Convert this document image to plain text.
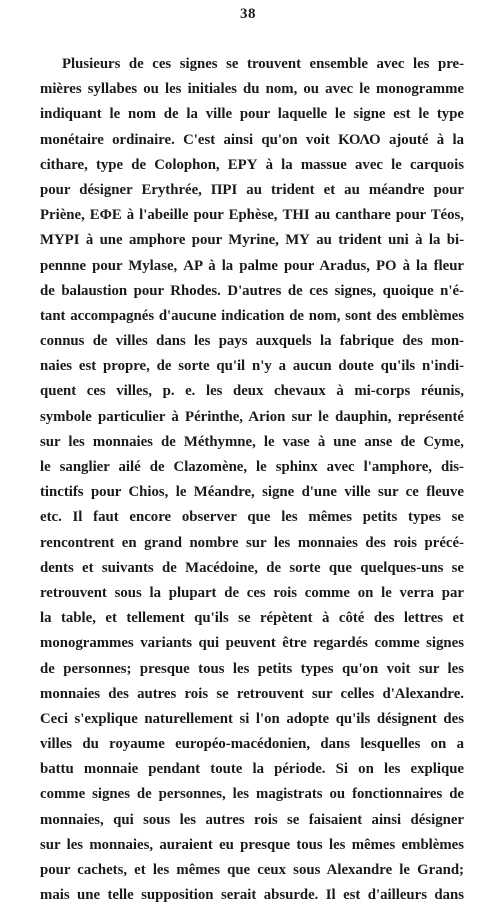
38
Plusieurs de ces signes se trouvent ensemble avec les pre-
mières syllabes ou les initiales du nom, ou avec le monogramme
indiquant le nom de la ville pour laquelle le signe est le type
monétaire ordinaire. C'est ainsi qu'on voit ΚΟΛΟ ajouté à la
cithare, type de Colophon, ΕΡΥ à la massue avec le carquois
pour désigner Erythrée, ΠΡΙ au trident et au méandre pour
Priène, ΕΦΕ à l'abeille pour Ephèse, ΤΗΙ au canthare pour Téos,
ΜΥΡΙ à une amphore pour Myrine, ΜΥ au trident uni à la bi-
pennne pour Mylase, ΑΡ à la palme pour Aradus, ΡΟ à la fleur
de balaustion pour Rhodes. D'autres de ces signes, quoique n'é-
tant accompagnés d'aucune indication de nom, sont des emblèmes
connus de villes dans les pays auxquels la fabrique des mon-
naies est propre, de sorte qu'il n'y a aucun doute qu'ils n'indi-
quent ces villes, p. e. les deux chevaux à mi-corps réunis,
symbole particulier à Périnthe, Arion sur le dauphin, représenté
sur les monnaies de Méthymne, le vase à une anse de Cyme,
le sanglier ailé de Clazomène, le sphinx avec l'amphore, dis-
tinctifs pour Chios, le Méandre, signe d'une ville sur ce fleuve
etc. Il faut encore observer que les mêmes petits types se
rencontrent en grand nombre sur les monnaies des rois précé-
dents et suivants de Macédoine, de sorte que quelques-uns se
retrouvent sous la plupart de ces rois comme on le verra par
la table, et tellement qu'ils se répètent à côté des lettres et
monogrammes variants qui peuvent être regardés comme signes
de personnes; presque tous les petits types qu'on voit sur les
monnaies des autres rois se retrouvent sur celles d'Alexandre.
Ceci s'explique naturellement si l'on adopte qu'ils désignent des
villes du royaume européo-macédonien, dans lesquelles on a
battu monnaie pendant toute la période. Si on les explique
comme signes de personnes, les magistrats ou fonctionnaires de
monnaies, qui sous les autres rois se faisaient ainsi désigner
sur les monnaies, auraient eu presque tous les mêmes emblèmes
pour cachets, et les mêmes que ceux sous Alexandre le Grand;
mais une telle supposition serait absurde. Il est d'ailleurs dans
